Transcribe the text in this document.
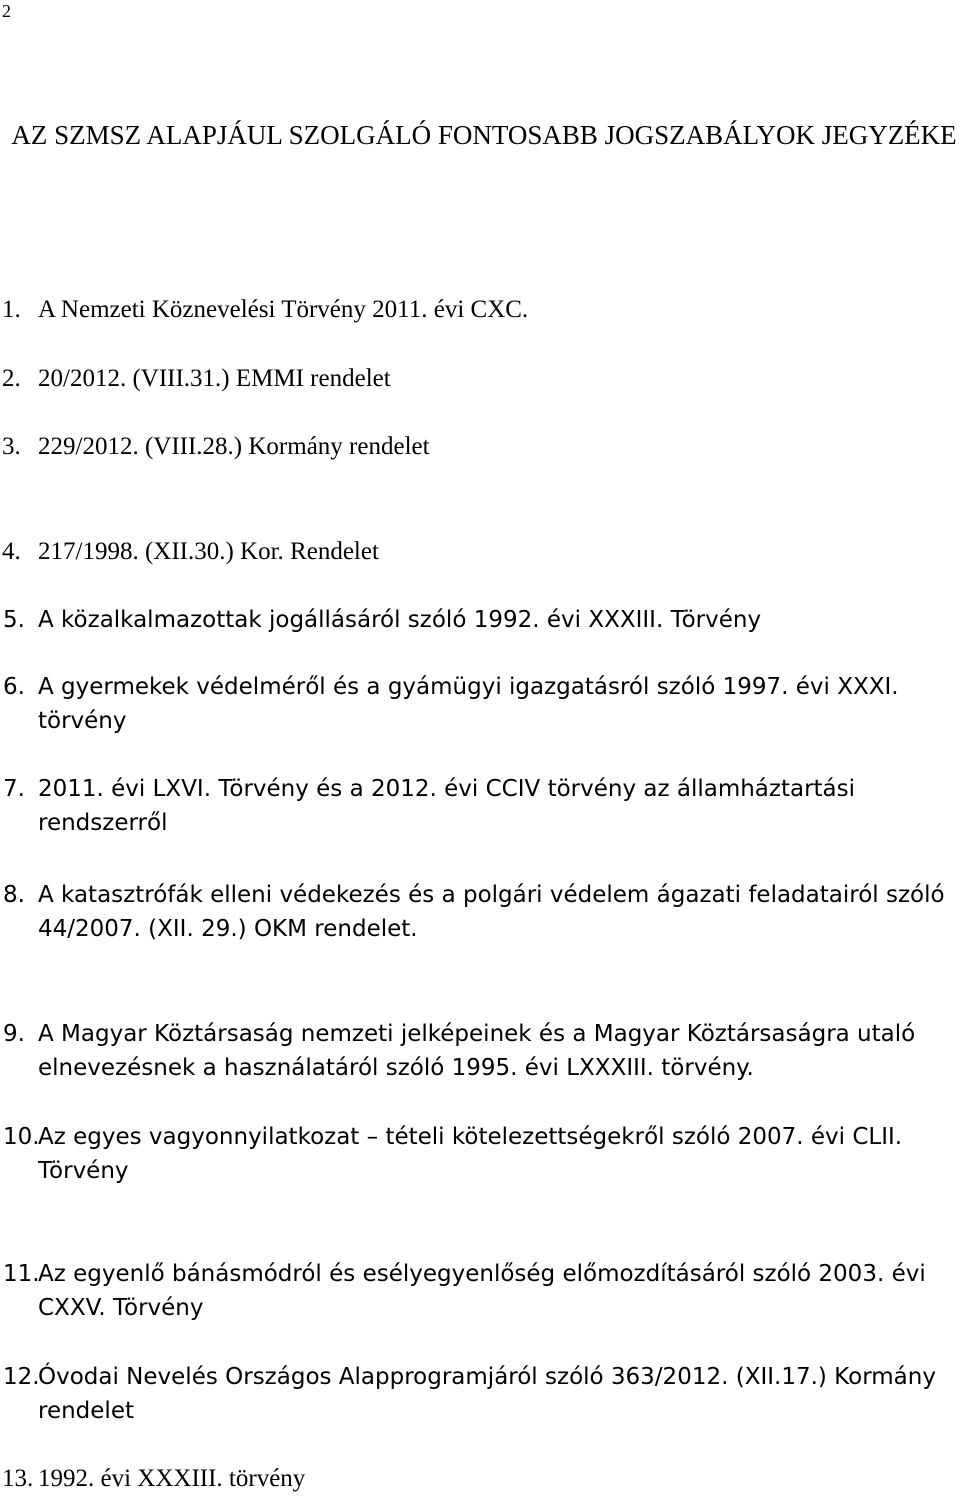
2
AZ SZMSZ ALAPJÁUL SZOLGÁLÓ FONTOSABB JOGSZABÁLYOK JEGYZÉKE
1. A Nemzeti Köznevelési Törvény 2011. évi CXC.
2. 20/2012. (VIII.31.) EMMI rendelet
3. 229/2012. (VIII.28.) Kormány rendelet
4. 217/1998. (XII.30.) Kor. Rendelet
5. A közalkalmazottak jogállásáról szóló 1992. évi XXXIII. Törvény
6. A gyermekek védelméről és a gyámügyi igazgatásról szóló 1997. évi XXXI. törvény
7. 2011. évi LXVI. Törvény és a 2012. évi CCIV törvény az államháztartási rendszerről
8. A katasztrófák elleni védekezés és a polgári védelem ágazati feladatairól szóló 44/2007. (XII. 29.) OKM rendelet.
9. A Magyar Köztársaság nemzeti jelképeinek és a Magyar Köztársaságra utaló elnevezésnek a használatáról szóló 1995. évi LXXXIII. törvény.
10.
Az egyes vagyonnyilatkozat – tételi kötelezettségekről szóló 2007. évi CLII. Törvény
11.
Az egyenlő bánásmódról és esélyegyenlőség előmozdításáról szóló 2003. évi CXXV. Törvény
12.
Óvodai Nevelés Országos Alapprogramjáról szóló 363/2012. (XII.17.) Kormány rendelet
13. 1992. évi XXXIII. törvény
